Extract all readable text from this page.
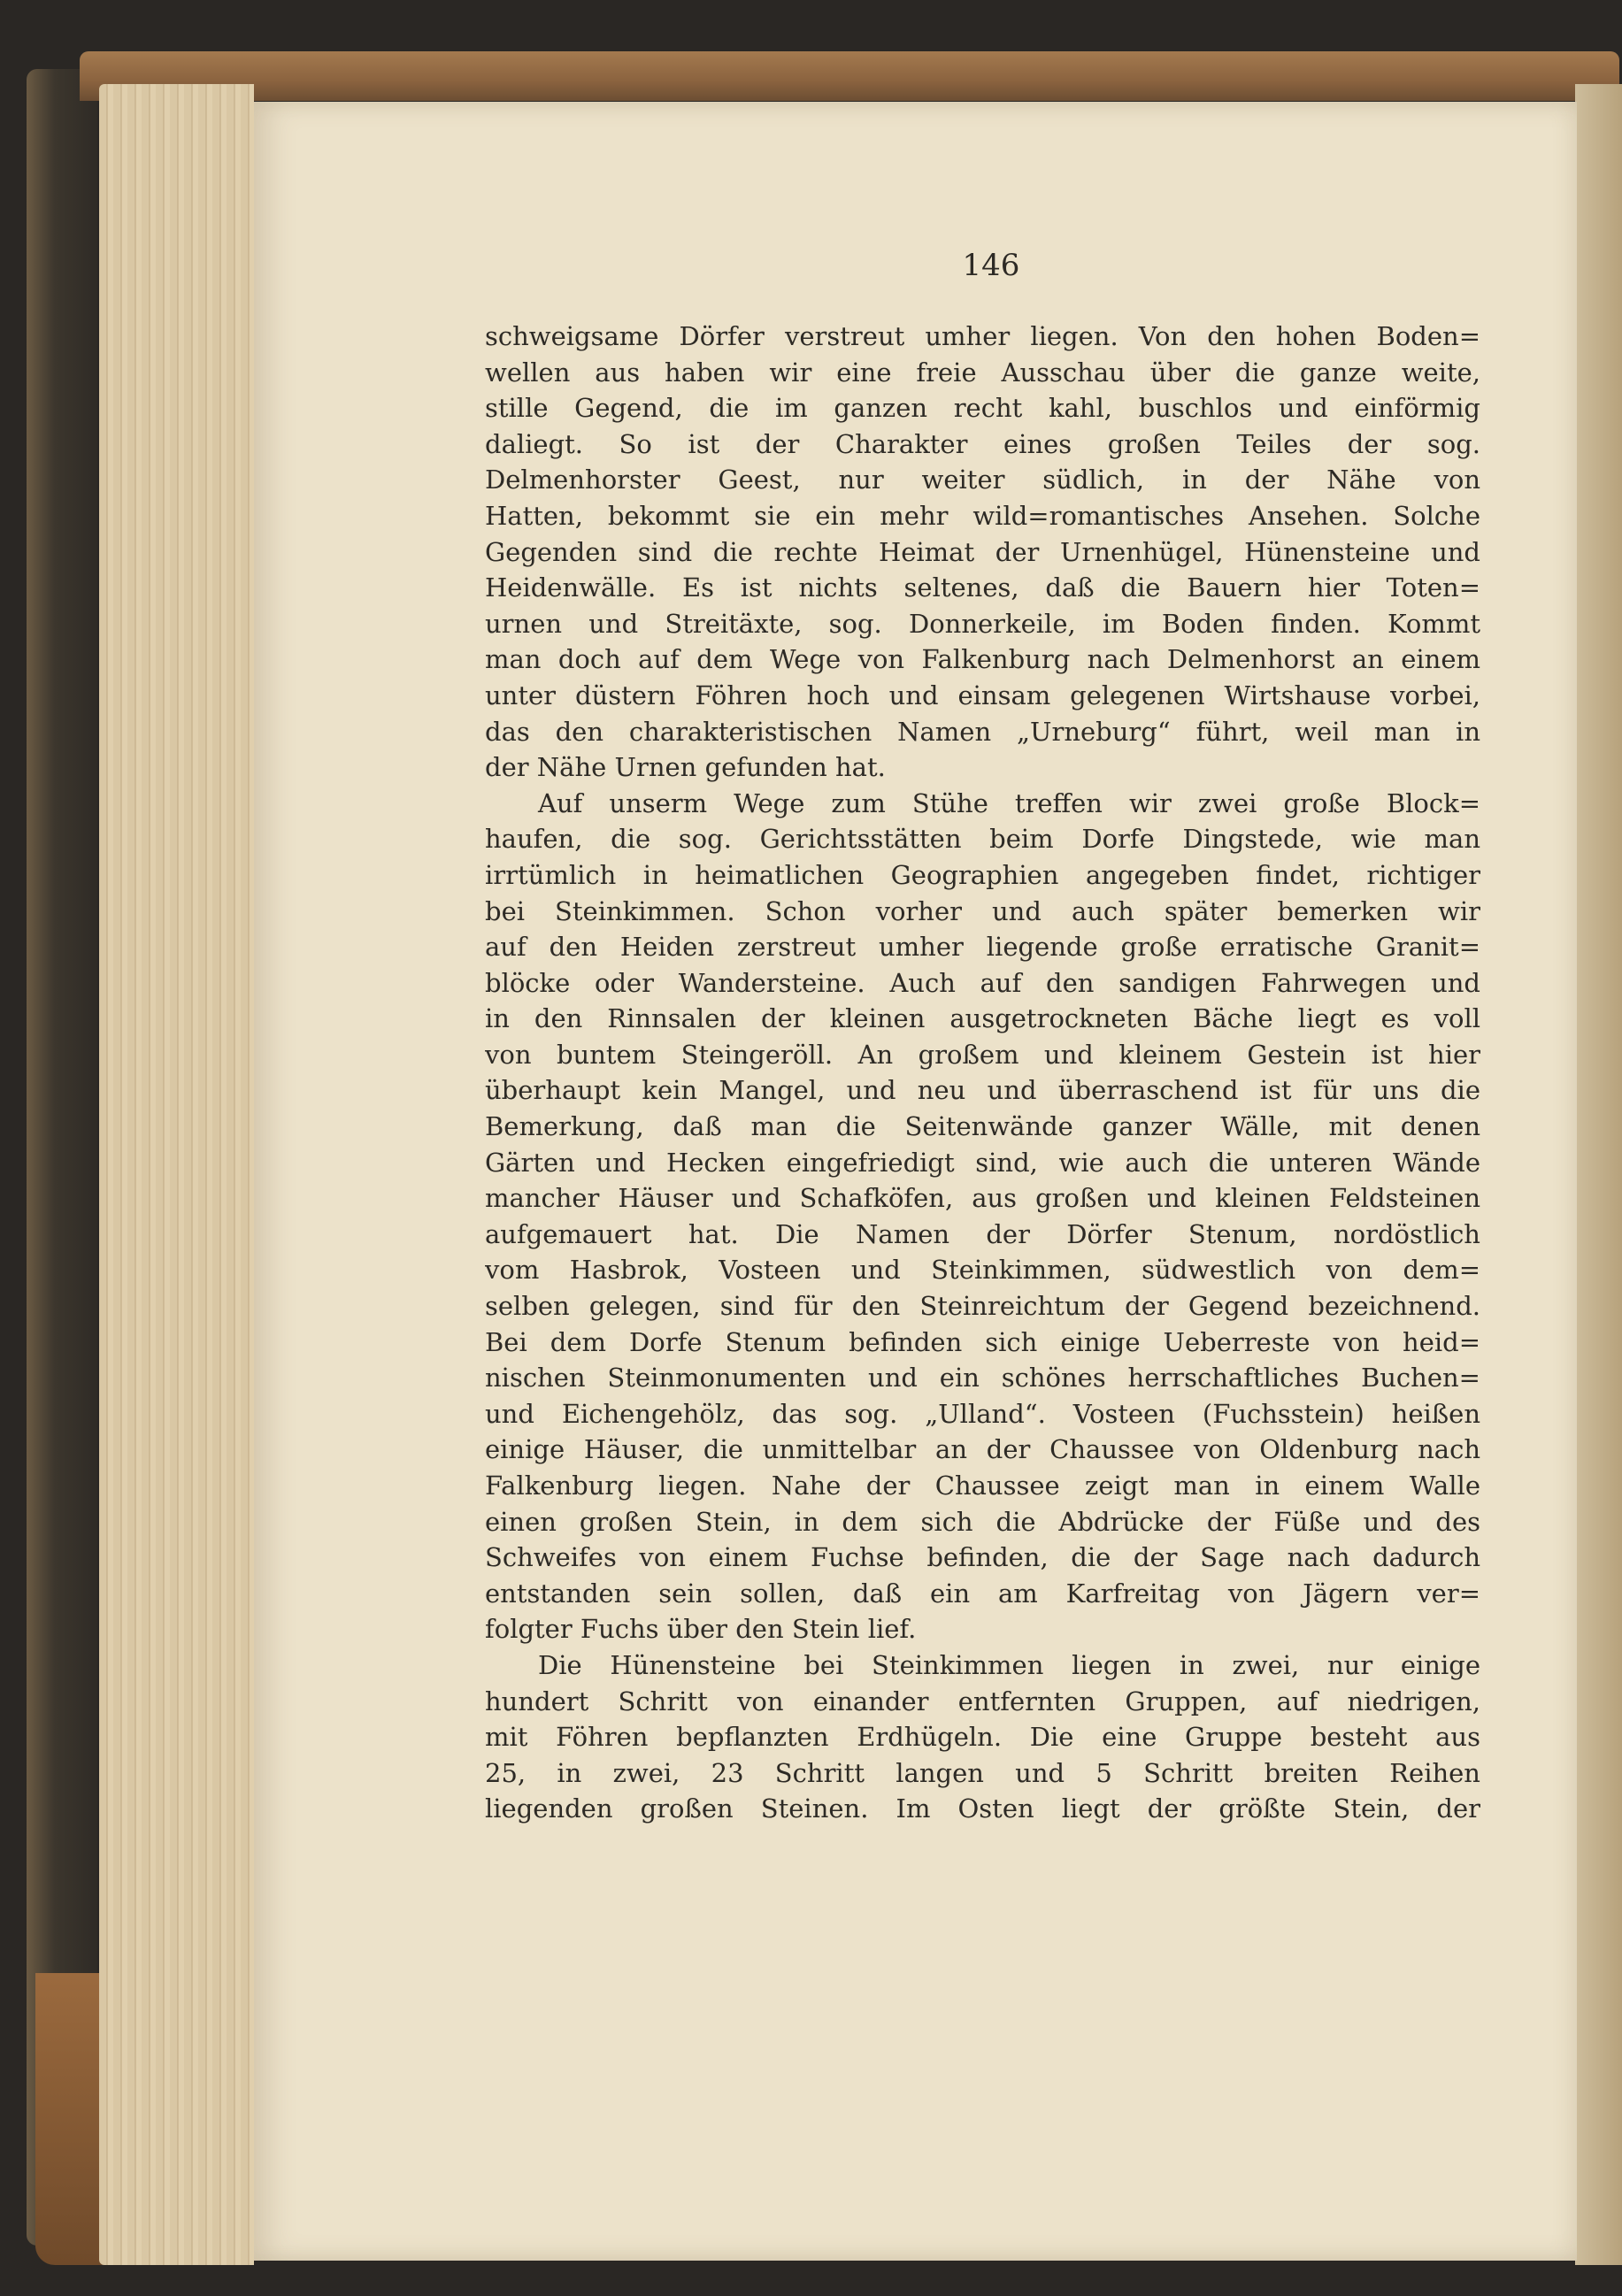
146
schweigsame Dörfer verstreut umher liegen. Von den hohen Boden=
wellen aus haben wir eine freie Ausschau über die ganze weite,
stille Gegend, die im ganzen recht kahl, buschlos und einförmig
daliegt. So ist der Charakter eines großen Teiles der sog.
Delmenhorster Geest, nur weiter südlich, in der Nähe von
Hatten, bekommt sie ein mehr wild=romantisches Ansehen. Solche
Gegenden sind die rechte Heimat der Urnenhügel, Hünensteine und
Heidenwälle. Es ist nichts seltenes, daß die Bauern hier Toten=
urnen und Streitäxte, sog. Donnerkeile, im Boden finden. Kommt
man doch auf dem Wege von Falkenburg nach Delmenhorst an einem
unter düstern Föhren hoch und einsam gelegenen Wirtshause vorbei,
das den charakteristischen Namen „Urneburg“ führt, weil man in
der Nähe Urnen gefunden hat.
Auf unserm Wege zum Stühe treffen wir zwei große Block=
haufen, die sog. Gerichtsstätten beim Dorfe Dingstede, wie man
irrtümlich in heimatlichen Geographien angegeben findet, richtiger
bei Steinkimmen. Schon vorher und auch später bemerken wir
auf den Heiden zerstreut umher liegende große erratische Granit=
blöcke oder Wandersteine. Auch auf den sandigen Fahrwegen und
in den Rinnsalen der kleinen ausgetrockneten Bäche liegt es voll
von buntem Steingeröll. An großem und kleinem Gestein ist hier
überhaupt kein Mangel, und neu und überraschend ist für uns die
Bemerkung, daß man die Seitenwände ganzer Wälle, mit denen
Gärten und Hecken eingefriedigt sind, wie auch die unteren Wände
mancher Häuser und Schafköfen, aus großen und kleinen Feldsteinen
aufgemauert hat. Die Namen der Dörfer Stenum, nordöstlich
vom Hasbrok, Vosteen und Steinkimmen, südwestlich von dem=
selben gelegen, sind für den Steinreichtum der Gegend bezeichnend.
Bei dem Dorfe Stenum befinden sich einige Ueberreste von heid=
nischen Steinmonumenten und ein schönes herrschaftliches Buchen=
und Eichengehölz, das sog. „Ulland“. Vosteen (Fuchsstein) heißen
einige Häuser, die unmittelbar an der Chaussee von Oldenburg nach
Falkenburg liegen. Nahe der Chaussee zeigt man in einem Walle
einen großen Stein, in dem sich die Abdrücke der Füße und des
Schweifes von einem Fuchse befinden, die der Sage nach dadurch
entstanden sein sollen, daß ein am Karfreitag von Jägern ver=
folgter Fuchs über den Stein lief.
Die Hünensteine bei Steinkimmen liegen in zwei, nur einige
hundert Schritt von einander entfernten Gruppen, auf niedrigen,
mit Föhren bepflanzten Erdhügeln. Die eine Gruppe besteht aus
25, in zwei, 23 Schritt langen und 5 Schritt breiten Reihen
liegenden großen Steinen. Im Osten liegt der größte Stein, der
